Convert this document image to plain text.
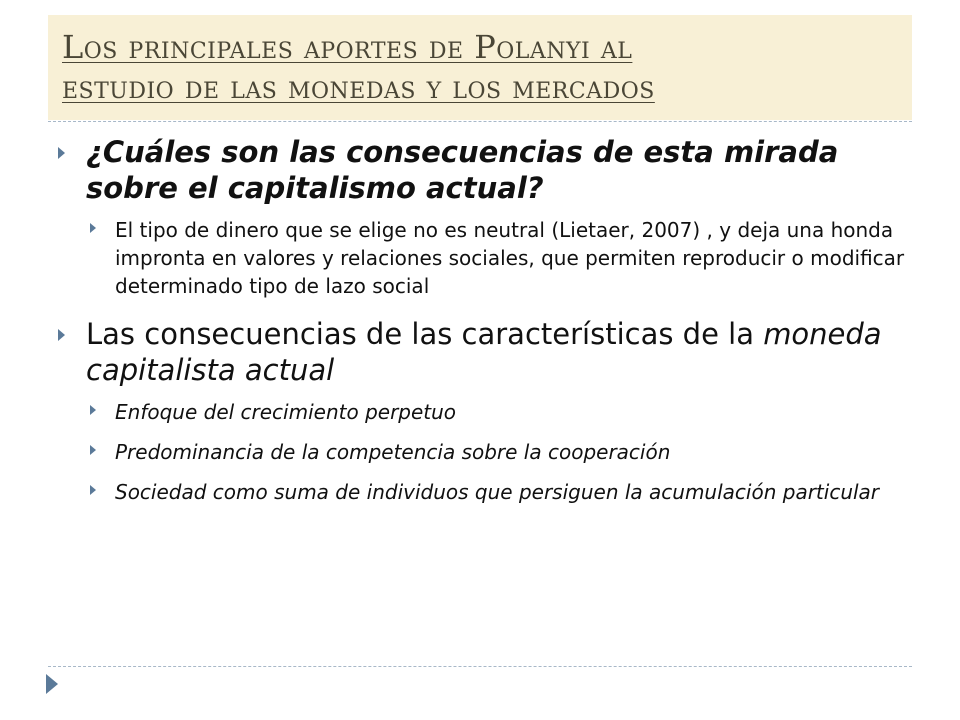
Los principales aportes de Polanyi al
estudio de las monedas y los mercados
¿Cuáles son las consecuencias de esta mirada sobre el capitalismo actual?
El tipo de dinero que se elige no es neutral (Lietaer, 2007) , y deja una honda impronta en valores y relaciones sociales, que permiten reproducir o modificar determinado tipo de lazo social
Las consecuencias de las características de la moneda capitalista actual
Enfoque del crecimiento perpetuo
Predominancia de la competencia sobre la cooperación
Sociedad como suma de individuos que persiguen la acumulación particular
